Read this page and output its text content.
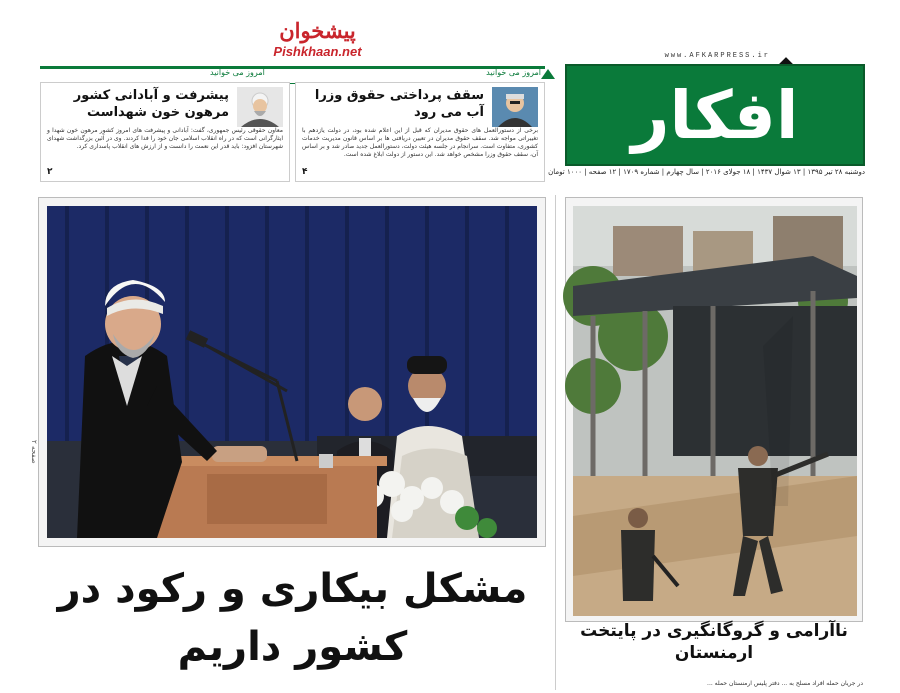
پیشخوان
Pishkhaan.net	www.AFKARPRESS.ir
افکار
دوشنبه ۲۸ تیر ۱۳۹۵ | ۱۳ شوال ۱۴۳۷ | ۱۸ جولای ۲۰۱۶ | سال چهارم | شماره ۱۷۰۹ | ۱۲ صفحه | ۱۰۰۰ تومان
امروز می خوانید
امروز می خوانید
سقف پرداختی حقوق وزرا آب می رود
برخی از دستورالعمل های حقوق مدیران که قبل از این اعلام شده بود، در دولت یازدهم با تغییراتی مواجه شد. سقف حقوق مدیران در تعیین دریافتی ها بر اساس قانون مدیریت خدمات کشوری، متفاوت است. سرانجام در جلسه هیئت دولت، دستورالعمل جدید صادر شد و بر اساس آن، سقف حقوق وزرا مشخص خواهد شد. این دستور از دولت ابلاغ شده است.
۴
پیشرفت و آبادانی کشور مرهون خون شهداست
معاون حقوقی رئیس جمهوری، گفت: آبادانی و پیشرفت های امروز کشور مرهون خون شهدا و ایثارگرانی است که در راه انقلاب اسلامی جان خود را فدا کردند. وی در آئین بزرگداشت شهدای شهرستان افزود: باید قدر این نعمت را دانست و از ارزش های انقلاب پاسداری کرد.
۲
صفحه ۲
مشکل بیکاری و رکود در کشور داریم	ناآرامی و گروگانگیری در پایتخت ارمنستان
در جریان حمله افراد مسلح به ... دفتر پلیس ارمنستان حمله ...
